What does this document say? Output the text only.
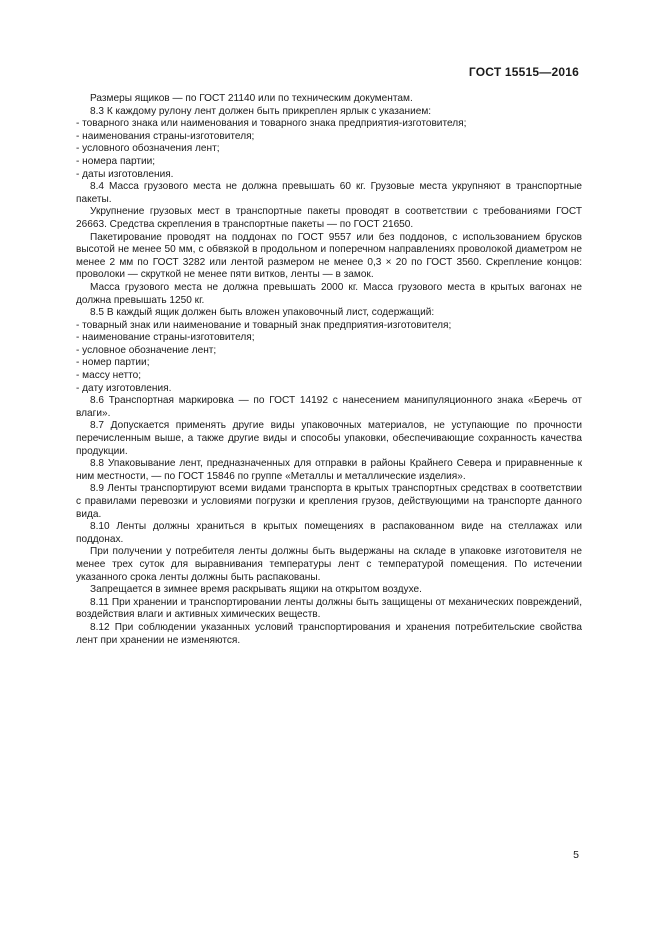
ГОСТ 15515—2016

Размеры ящиков — по ГОСТ 21140 или по техническим документам.

8.3 К каждому рулону лент должен быть прикреплен ярлык с указанием:

- товарного знака или наименования и товарного знака предприятия-изготовителя;

- наименования страны-изготовителя;

- условного обозначения лент;

- номера партии;

- даты изготовления.

8.4 Масса грузового места не должна превышать 60 кг. Грузовые места укрупняют в транспортные пакеты.

Укрупнение грузовых мест в транспортные пакеты проводят в соответствии с требованиями ГОСТ 26663. Средства скрепления в транспортные пакеты — по ГОСТ 21650.

Пакетирование проводят на поддонах по ГОСТ 9557 или без поддонов, с использованием брусков высотой не менее 50 мм, с обвязкой в продольном и поперечном направлениях проволокой диаметром не менее 2 мм по ГОСТ 3282 или лентой размером не менее 0,3 × 20 по ГОСТ 3560. Скрепление концов: проволоки — скруткой не менее пяти витков, ленты — в замок.

Масса грузового места не должна превышать 2000 кг. Масса грузового места в крытых вагонах не должна превышать 1250 кг.

8.5 В каждый ящик должен быть вложен упаковочный лист, содержащий:

- товарный знак или наименование и товарный знак предприятия-изготовителя;

- наименование страны-изготовителя;

- условное обозначение лент;

- номер партии;

- массу нетто;

- дату изготовления.

8.6 Транспортная маркировка — по ГОСТ 14192 с нанесением манипуляционного знака «Беречь от влаги».

8.7 Допускается применять другие виды упаковочных материалов, не уступающие по прочности перечисленным выше, а также другие виды и способы упаковки, обеспечивающие сохранность качества продукции.

8.8 Упаковывание лент, предназначенных для отправки в районы Крайнего Севера и приравненные к ним местности, — по ГОСТ 15846 по группе «Металлы и металлические изделия».

8.9 Ленты транспортируют всеми видами транспорта в крытых транспортных средствах в соответствии с правилами перевозки и условиями погрузки и крепления грузов, действующими на транспорте данного вида.

8.10 Ленты должны храниться в крытых помещениях в распакованном виде на стеллажах или поддонах.

При получении у потребителя ленты должны быть выдержаны на складе в упаковке изготовителя не менее трех суток для выравнивания температуры лент с температурой помещения. По истечении указанного срока ленты должны быть распакованы.

Запрещается в зимнее время раскрывать ящики на открытом воздухе.

8.11 При хранении и транспортировании ленты должны быть защищены от механических повреждений, воздействия влаги и активных химических веществ.

8.12 При соблюдении указанных условий транспортирования и хранения потребительские свойства лент при хранении не изменяются.

5
